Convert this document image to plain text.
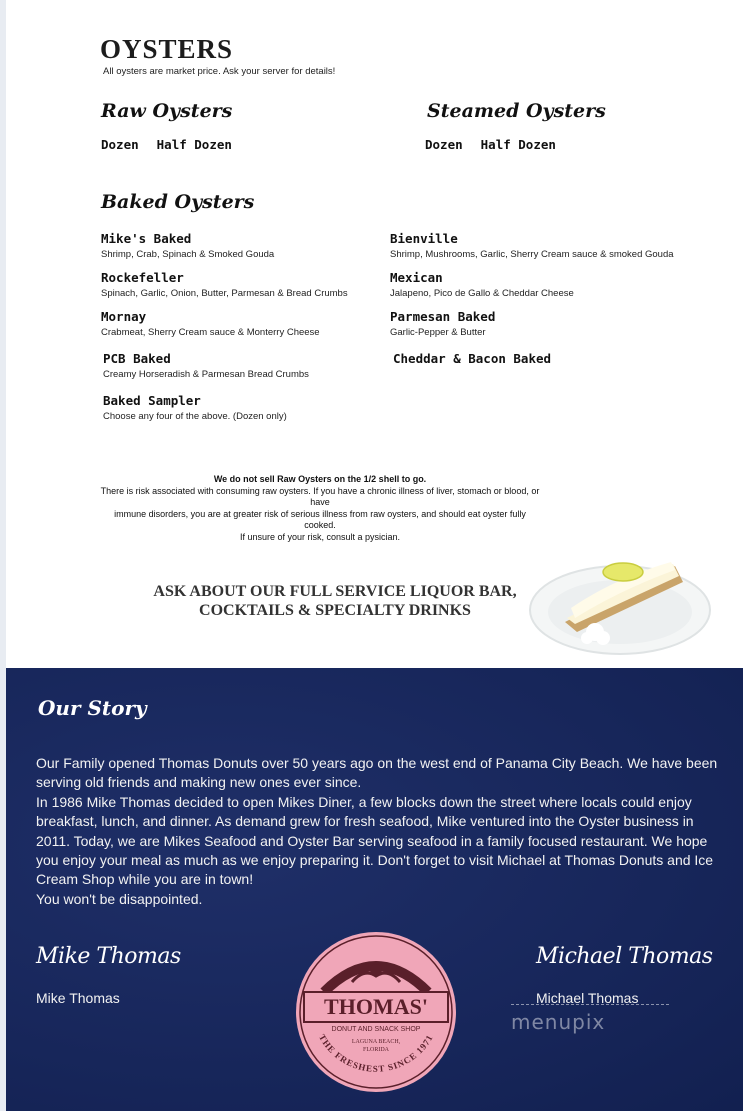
OYSTERS
All oysters are market price. Ask your server for details!
Raw Oysters
Dozen Half Dozen
Steamed Oysters
Dozen Half Dozen
Baked Oysters
Mike's Baked
Shrimp, Crab, Spinach & Smoked Gouda
Bienville
Shrimp, Mushrooms, Garlic, Sherry Cream sauce & smoked Gouda
Rockefeller
Spinach, Garlic, Onion, Butter, Parmesan & Bread Crumbs
Mexican
Jalapeno, Pico de Gallo & Cheddar Cheese
Mornay
Crabmeat, Sherry Cream sauce & Monterry Cheese
Parmesan Baked
Garlic-Pepper & Butter
PCB Baked
Creamy Horseradish & Parmesan Bread Crumbs
Cheddar & Bacon Baked
Baked Sampler
Choose any four of the above. (Dozen only)
We do not sell Raw Oysters on the 1/2 shell to go.
There is risk associated with consuming raw oysters. If you have a chronic illness of liver, stomach or blood, or have
immune disorders, you are at greater risk of serious illness from raw oysters, and should eat oyster fully cooked.
If unsure of your risk, consult a pysician.
ASK ABOUT OUR FULL SERVICE LIQUOR BAR,
COCKTAILS & SPECIALTY DRINKS
Our Story

Our Family opened Thomas Donuts over 50 years ago on the west end of Panama City Beach. We have been serving old friends and making new ones ever since.

In 1986 Mike Thomas decided to open Mikes Diner, a few blocks down the street where locals could enjoy breakfast, lunch, and dinner. As demand grew for fresh seafood, Mike ventured into the Oyster business in 2011. Today, we are Mikes Seafood and Oyster Bar serving seafood in a family focused restaurant. We hope you enjoy your meal as much as we enjoy preparing it. Don't forget to visit Michael at Thomas Donuts and Ice Cream Shop while you are in town!

You won't be disappointed.

Mike Thomas
Mike Thomas
Michael Thomas
Michael Thomas
THOMAS'
DONUT AND SNACK SHOP
LAGUNA BEACH,
FLORIDA
THE FRESHEST SINCE 1971
menupix
